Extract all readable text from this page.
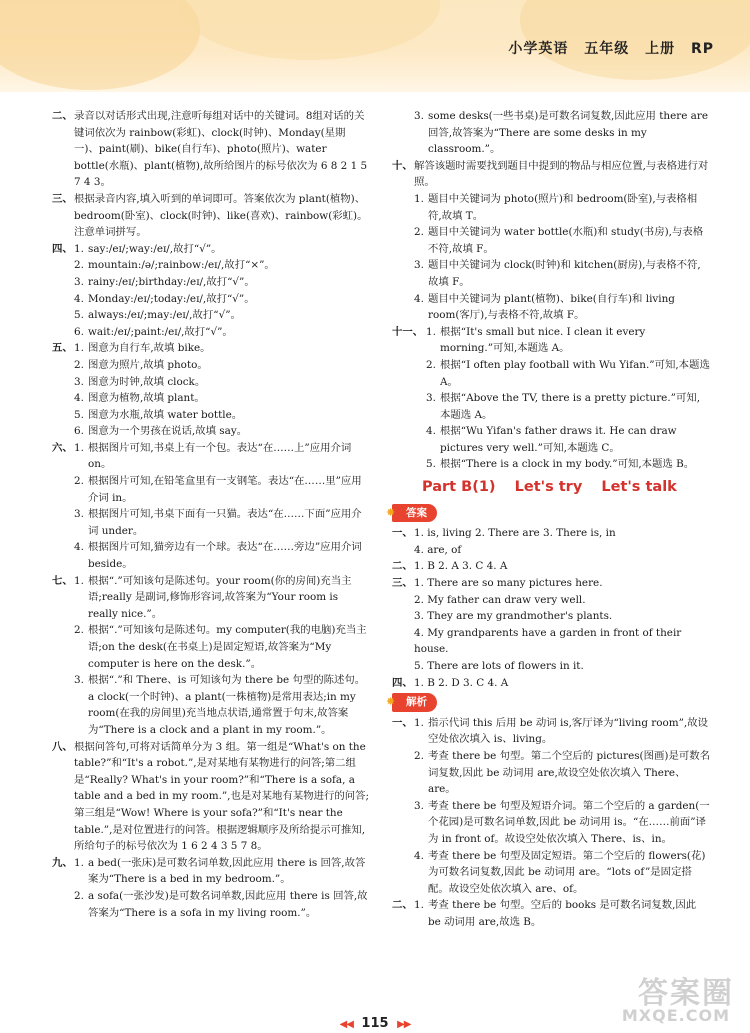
小学英语 五年级 上册 RP
二、 录音以对话形式出现,注意听每组对话中的关键词。8组对话的关键词依次为 rainbow(彩虹)、clock(时钟)、Monday(星期一)、paint(刷)、bike(自行车)、photo(照片)、water bottle(水瓶)、plant(植物),故所给图片的标号依次为 6 8 2 1 5 7 4 3。
三、 根据录音内容,填入听到的单词即可。答案依次为 plant(植物)、bedroom(卧室)、clock(时钟)、like(喜欢)、rainbow(彩虹)。注意单词拼写。
四、 1. say:/eɪ/;way:/eɪ/,故打“√”。
2. mountain:/ə/;rainbow:/eɪ/,故打“×”。
3. rainy:/eɪ/;birthday:/eɪ/,故打“√”。
4. Monday:/eɪ/;today:/eɪ/,故打“√”。
5. always:/eɪ/;may:/eɪ/,故打“√”。
6. wait:/eɪ/;paint:/eɪ/,故打“√”。
五、 1. 图意为自行车,故填 bike。
2. 图意为照片,故填 photo。
3. 图意为时钟,故填 clock。
4. 图意为植物,故填 plant。
5. 图意为水瓶,故填 water bottle。
6. 图意为一个男孩在说话,故填 say。
六、 1. 根据图片可知,书桌上有一个包。表达“在……上”应用介词 on。
2. 根据图片可知,在铅笔盒里有一支钢笔。表达“在……里”应用介词 in。
3. 根据图片可知,书桌下面有一只猫。表达“在……下面”应用介词 under。
4. 根据图片可知,猫旁边有一个球。表达“在……旁边”应用介词 beside。
七、 1. 根据“.”可知该句是陈述句。your room(你的房间)充当主语;really 是副词,修饰形容词,故答案为“Your room is really nice.”。
2. 根据“.”可知该句是陈述句。my computer(我的电脑)充当主语;on the desk(在书桌上)是固定短语,故答案为“My computer is here on the desk.”。
3. 根据“.”和 There、is 可知该句为 there be 句型的陈述句。a clock(一个时钟)、a plant(一株植物)是常用表达;in my room(在我的房间里)充当地点状语,通常置于句末,故答案为“There is a clock and a plant in my room.”。
八、 根据问答句,可将对话简单分为 3 组。第一组是“What's on the table?”和“It's a robot.”,是对某地有某物进行的问答;第二组是“Really? What's in your room?”和“There is a sofa, a table and a bed in my room.”,也是对某地有某物进行的问答;第三组是“Wow! Where is your sofa?”和“It's near the table.”,是对位置进行的问答。根据逻辑顺序及所给提示可推知,所给句子的标号依次为 1 6 2 4 3 5 7 8。
九、 1. a bed(一张床)是可数名词单数,因此应用 there is 回答,故答案为“There is a bed in my bedroom.”。
2. a sofa(一张沙发)是可数名词单数,因此应用 there is 回答,故答案为“There is a sofa in my living room.”。
3. some desks(一些书桌)是可数名词复数,因此应用 there are 回答,故答案为“There are some desks in my classroom.”。
十、 解答该题时需要找到题目中提到的物品与相应位置,与表格进行对照。
1. 题目中关键词为 photo(照片)和 bedroom(卧室),与表格相符,故填 T。
2. 题目中关键词为 water bottle(水瓶)和 study(书房),与表格不符,故填 F。
3. 题目中关键词为 clock(时钟)和 kitchen(厨房),与表格不符,故填 F。
4. 题目中关键词为 plant(植物)、bike(自行车)和 living room(客厅),与表格不符,故填 F。
十一、 1. 根据“It's small but nice. I clean it every morning.”可知,本题选 A。
2. 根据“I often play football with Wu Yifan.”可知,本题选 A。
3. 根据“Above the TV, there is a pretty picture.”可知,本题选 A。
4. 根据“Wu Yifan's father draws it. He can draw pictures very well.”可知,本题选 C。
5. 根据“There is a clock in my body.”可知,本题选 B。
Part B(1) Let's try Let's talk
✸ 答案
一、 1. is, living 2. There are 3. There is, in
4. are, of
二、 1. B 2. A 3. C 4. A
三、 1. There are so many pictures here.
2. My father can draw very well.
3. They are my grandmother's plants.
4. My grandparents have a garden in front of their house.
5. There are lots of flowers in it.
四、 1. B 2. D 3. C 4. A
✸ 解析
一、 1. 指示代词 this 后用 be 动词 is,客厅译为“living room”,故设空处依次填入 is、living。
2. 考查 there be 句型。第二个空后的 pictures(图画)是可数名词复数,因此 be 动词用 are,故设空处依次填入 There、are。
3. 考查 there be 句型及短语介词。第二个空后的 a garden(一个花园)是可数名词单数,因此 be 动词用 is。“在……前面”译为 in front of。故设空处依次填入 There、is、in。
4. 考查 there be 句型及固定短语。第二个空后的 flowers(花)为可数名词复数,因此 be 动词用 are。“lots of”是固定搭配。故设空处依次填入 are、of。
二、 1. 考查 there be 句型。空后的 books 是可数名词复数,因此 be 动词用 are,故选 B。
◀◀ 115 ▶▶
答案圈
MXQE.COM
